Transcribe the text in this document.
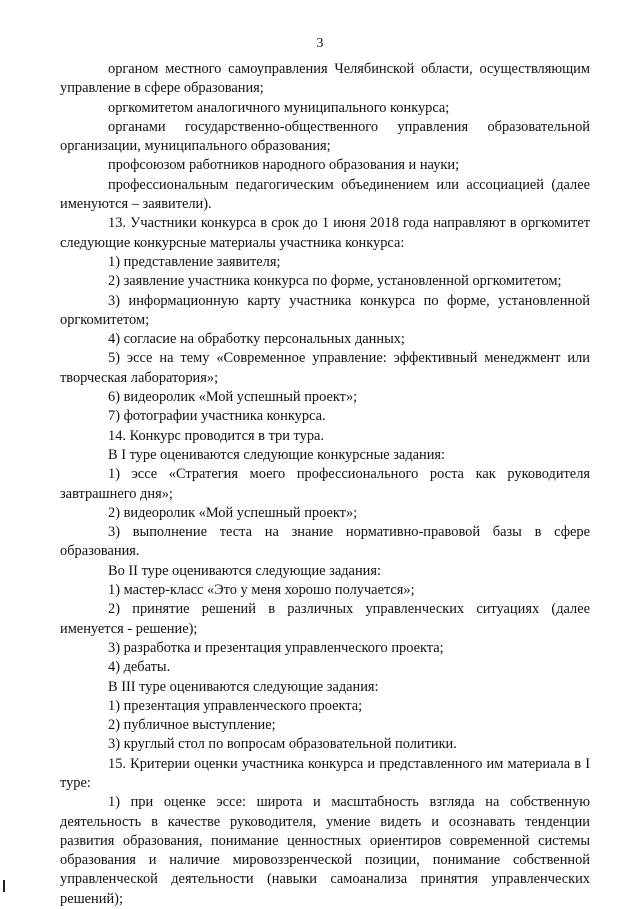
3

органом местного самоуправления Челябинской области, осуществляющим управление в сфере образования;

оргкомитетом аналогичного муниципального конкурса;

органами государственно-общественного управления образовательной организации, муниципального образования;

профсоюзом работников народного образования и науки;

профессиональным педагогическим объединением или ассоциацией (далее именуются – заявители).

13. Участники конкурса в срок до 1 июня 2018 года направляют в оргкомитет следующие конкурсные материалы участника конкурса:

1) представление заявителя;

2) заявление участника конкурса по форме, установленной оргкомитетом;

3) информационную карту участника конкурса по форме, установленной оргкомитетом;

4) согласие на обработку персональных данных;

5) эссе на тему «Современное управление: эффективный менеджмент или творческая лаборатория»;

6) видеоролик «Мой успешный проект»;

7) фотографии участника конкурса.

14. Конкурс проводится в три тура.

В I туре оцениваются следующие конкурсные задания:

1) эссе «Стратегия моего профессионального роста как руководителя завтрашнего дня»;

2) видеоролик «Мой успешный проект»;

3) выполнение теста на знание нормативно-правовой базы в сфере образования.

Во II туре оцениваются следующие задания:

1) мастер-класс «Это у меня хорошо получается»;

2) принятие решений в различных управленческих ситуациях (далее именуется - решение);

3) разработка и презентация управленческого проекта;

4) дебаты.

В III туре оцениваются следующие задания:

1) презентация управленческого проекта;

2) публичное выступление;

3) круглый стол по вопросам образовательной политики.

15. Критерии оценки участника конкурса и представленного им материала в I туре:

1) при оценке эссе: широта и масштабность взгляда на собственную деятельность в качестве руководителя, умение видеть и осознавать тенденции развития образования, понимание ценностных ориентиров современной системы образования и наличие мировоззренческой позиции, понимание собственной управленческой деятельности (навыки самоанализа принятия управленческих решений);
